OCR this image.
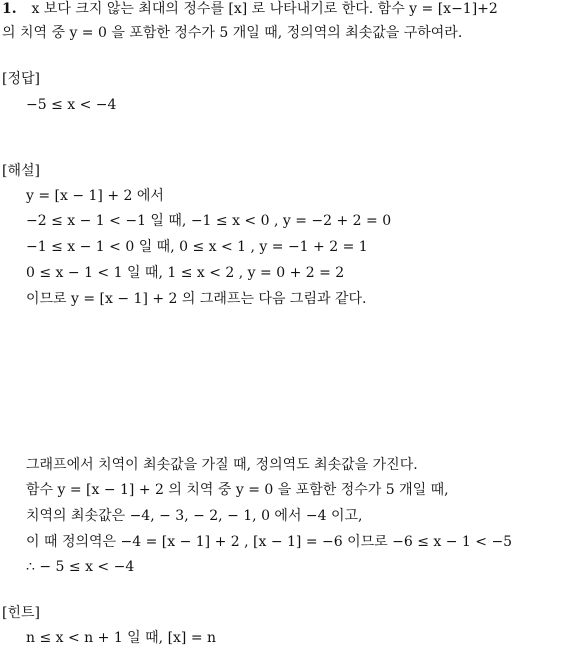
1. x 보다 크지 않는 최대의 정수를 [x] 로 나타내기로 한다. 함수 y = [x−1]+2
의 치역 중 y = 0 을 포함한 정수가 5 개일 때, 정의역의 최솟값을 구하여라.
[정답]
−5 ≤ x < −4
[해설]
y = [x − 1] + 2 에서
−2 ≤ x − 1 < −1 일 때, −1 ≤ x < 0 , y = −2 + 2 = 0
−1 ≤ x − 1 < 0 일 때, 0 ≤ x < 1 , y = −1 + 2 = 1
0 ≤ x − 1 < 1 일 때, 1 ≤ x < 2 , y = 0 + 2 = 2
이므로 y = [x − 1] + 2 의 그래프는 다음 그림과 같다.
그래프에서 치역이 최솟값을 가질 때, 정의역도 최솟값을 가진다.
함수 y = [x − 1] + 2 의 치역 중 y = 0 을 포함한 정수가 5 개일 때,
치역의 최솟값은 −4, − 3, − 2, − 1, 0 에서 −4 이고,
이 때 정의역은 −4 = [x − 1] + 2 , [x − 1] = −6 이므로 −6 ≤ x − 1 < −5
∴ − 5 ≤ x < −4
[힌트]
n ≤ x < n + 1 일 때, [x] = n
